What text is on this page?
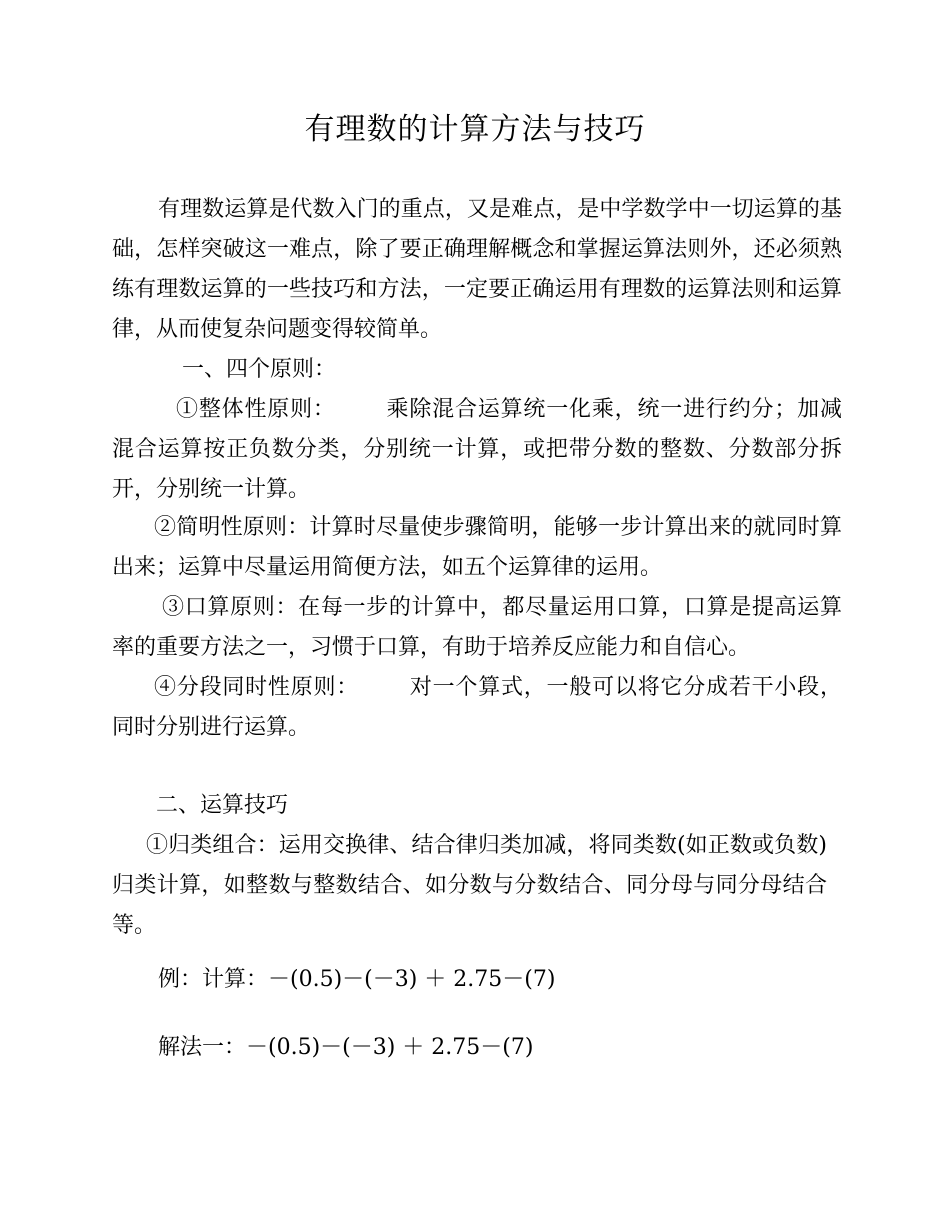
有理数的计算方法与技巧

有理数运算是代数入门的重点，又是难点，是中学数学中一切运算的基础，怎样突破这一难点，除了要正确理解概念和掌握运算法则外，还必须熟练有理数运算的一些技巧和方法，一定要正确运用有理数的运算法则和运算律，从而使复杂问题变得较简单。

一、四个原则：

①整体性原则： 乘除混合运算统一化乘，统一进行约分；加减混合运算按正负数分类，分别统一计算，或把带分数的整数、分数部分拆开，分别统一计算。

②简明性原则：计算时尽量使步骤简明，能够一步计算出来的就同时算出来；运算中尽量运用简便方法，如五个运算律的运用。

③口算原则：在每一步的计算中，都尽量运用口算，口算是提高运算率的重要方法之一，习惯于口算，有助于培养反应能力和自信心。

④分段同时性原则： 对一个算式，一般可以将它分成若干小段，同时分别进行运算。

二、运算技巧

①归类组合：运用交换律、结合律归类加减，将同类数(如正数或负数)归类计算，如整数与整数结合、如分数与分数结合、同分母与同分母结合等。

例：计算：－(0.5)－(－3) ＋ 2.75－(7)
解法一：－(0.5)－(－3) ＋ 2.75－(7)
